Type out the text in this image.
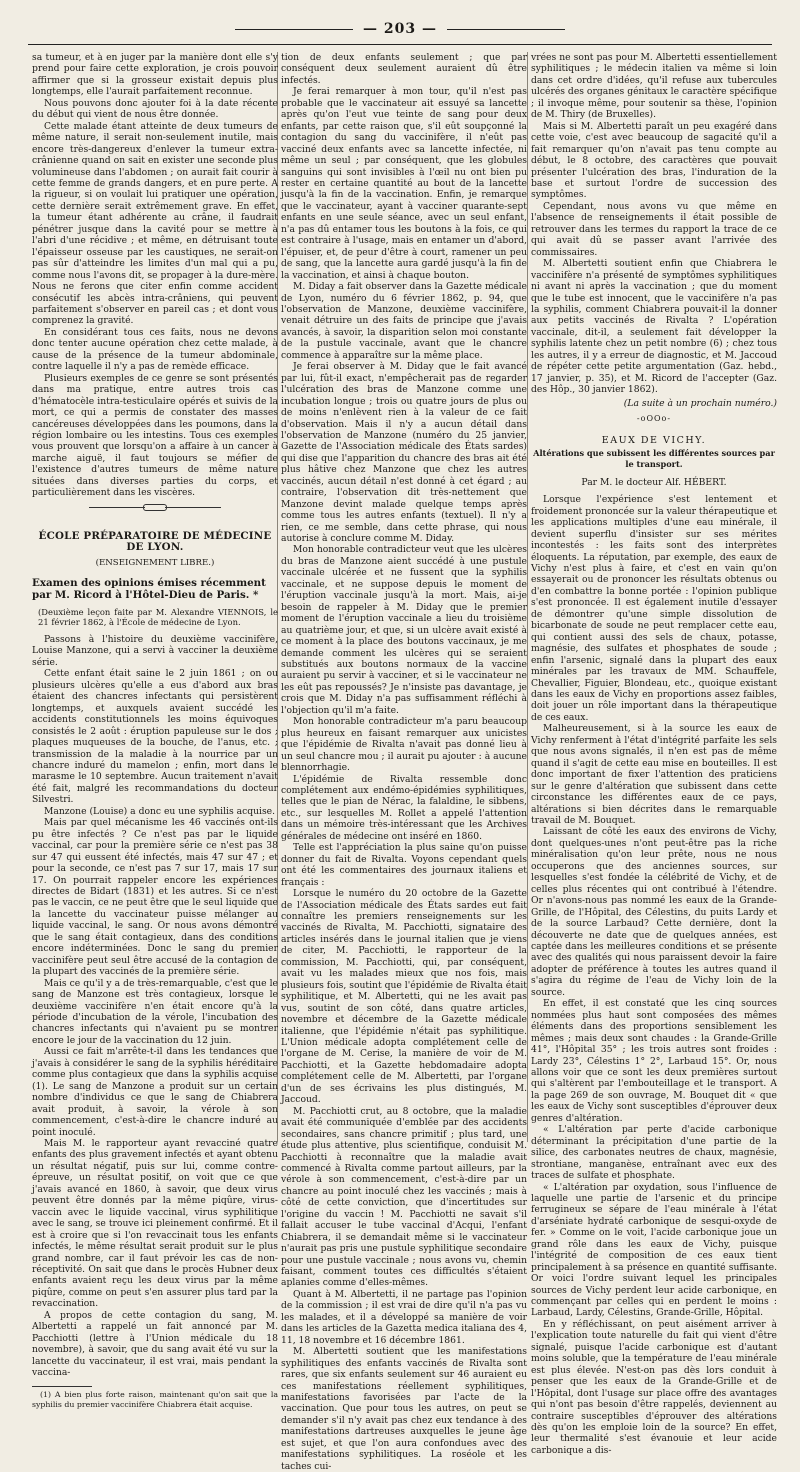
— 203 —

sa tumeur, et à en juger par la manière dont elle s'y prend pour faire cette exploration, je crois pouvoir affirmer que si la grosseur existait depuis plus longtemps, elle l'aurait parfaitement reconnue.

Nous pouvons donc ajouter foi à la date récente du début qui vient de nous être donnée.

Cette malade étant atteinte de deux tumeurs de même nature, il serait non-seulement inutile, mais encore très-dangereux d'enlever la tumeur extra-crânienne quand on sait en exister une seconde plus volumineuse dans l'abdomen ; on aurait fait courir à cette femme de grands dangers, et en pure perte. A la rigueur, si on voulait lui pratiquer une opération, cette dernière serait extrêmement grave. En effet, la tumeur étant adhérente au crâne, il faudrait pénétrer jusque dans la cavité pour se mettre à l'abri d'une récidive ; et même, en détruisant toute l'épaisseur osseuse par les caustiques, ne serait-on pas sûr d'atteindre les limites d'un mal qui a pu, comme nous l'avons dit, se propager à la dure-mère. Nous ne ferons que citer enfin comme accident consécutif les abcès intra-crâniens, qui peuvent parfaitement s'observer en pareil cas ; et dont vous comprenez la gravité.

En considérant tous ces faits, nous ne devons donc tenter aucune opération chez cette malade, à cause de la présence de la tumeur abdominale, contre laquelle il n'y a pas de remède efficace.

Plusieurs exemples de ce genre se sont présentés dans ma pratique, entre autres trois cas d'hématocèle intra-testiculaire opérés et suivis de la mort, ce qui a permis de constater des masses cancéreuses développées dans les poumons, dans la région lombaire ou les intestins. Tous ces exemples vous prouvent que lorsqu'on a affaire à un cancer à marche aiguë, il faut toujours se méfier de l'existence d'autres tumeurs de même nature situées dans diverses parties du corps, et particulièrement dans les viscères.

ÉCOLE PRÉPARATOIRE DE MÉDECINE DE LYON.

(ENSEIGNEMENT LIBRE.)

Examen des opinions émises récemment par M. Ricord à l'Hôtel-Dieu de Paris. *

(Deuxième leçon faite par M. Alexandre VIENNOIS, le 21 février 1862, à l'École de médecine de Lyon.

Passons à l'histoire du deuxième vaccinifère, Louise Manzone, qui a servi à vacciner la deuxième série.

Cette enfant était saine le 2 juin 1861 ; on ou plusieurs ulcères qu'elle a eus d'abord aux bras étaient des chancres infectants qui persistèrent longtemps, et auxquels avaient succédé les accidents constitutionnels les moins équivoques consistés le 2 août : éruption papuleuse sur le dos ; plaques muqueuses de la bouche, de l'anus, etc. ; transmission de la maladie à la nourrice par un chancre induré du mamelon ; enfin, mort dans le marasme le 10 septembre. Aucun traitement n'avait été fait, malgré les recommandations du docteur Silvestri.

Manzone (Louise) a donc eu une syphilis acquise.

Mais par quel mécanisme les 46 vaccinés ont-ils pu être infectés ? Ce n'est pas par le liquide vaccinal, car pour la première série ce n'est pas 38 sur 47 qui eussent été infectés, mais 47 sur 47 ; et pour la seconde, ce n'est pas 7 sur 17, mais 17 sur 17. On pourrait rappeler encore les expériences directes de Bidart (1831) et les autres. Si ce n'est pas le vaccin, ce ne peut être que le seul liquide que la lancette du vaccinateur puisse mélanger au liquide vaccinal, le sang. Or nous avons démontré que le sang était contagieux, dans des conditions encore indéterminées. Donc le sang du premier vaccinifère peut seul être accusé de la contagion de la plupart des vaccinés de la première série.

Mais ce qu'il y a de très-remarquable, c'est que le sang de Manzone est très contagieux, lorsque le deuxième vaccinifère n'en était encore qu'à la période d'incubation de la vérole, l'incubation des chancres infectants qui n'avaient pu se montrer encore le jour de la vaccination du 12 juin.

Aussi ce fait m'arrête-t-il dans les tendances que j'avais à considérer le sang de la syphilis héréditaire comme plus contagieux que dans la syphilis acquise (1). Le sang de Manzone a produit sur un certain nombre d'individus ce que le sang de Chiabrera avait produit, à savoir, la vérole à son commencement, c'est-à-dire le chancre induré au point inoculé.

Mais M. le rapporteur ayant revacciné quatre enfants des plus gravement infectés et ayant obtenu un résultat négatif, puis sur lui, comme contre-épreuve, un résultat positif, on voit que ce que j'avais avancé en 1860, à savoir, que deux virus peuvent être donnés par la même piqûre, virus-vaccin avec le liquide vaccinal, virus syphilitique avec le sang, se trouve ici pleinement confirmé. Et il est à croire que si l'on revaccinait tous les enfants infectés, le même résultat serait produit sur le plus grand nombre, car il faut prévoir les cas de non-réceptivité. On sait que dans le procès Hubner deux enfants avaient reçu les deux virus par la même piqûre, comme on peut s'en assurer plus tard par la revaccination.

A propos de cette contagion du sang, M. Albertetti a rappelé un fait annoncé par M. Pacchiotti (lettre à l'Union médicale du 18 novembre), à savoir, que du sang avait été vu sur la lancette du vaccinateur, il est vrai, mais pendant la vaccina-

(1) A bien plus forte raison, maintenant qu'on sait que la syphilis du premier vaccinifère Chiabrera était acquise.

tion de deux enfants seulement ; que par conséquent deux seulement auraient dû être infectés.

Je ferai remarquer à mon tour, qu'il n'est pas probable que le vaccinateur ait essuyé sa lancette après qu'on l'eut vue teinte de sang pour deux enfants, par cette raison que, s'il eût soupçonné la contagion du sang du vaccinifère, il n'eût pas vacciné deux enfants avec sa lancette infectée, ni même un seul ; par conséquent, que les globules sanguins qui sont invisibles à l'œil nu ont bien pu rester en certaine quantité au bout de la lancette jusqu'à la fin de la vaccination. Enfin, je remarque que le vaccinateur, ayant à vacciner quarante-sept enfants en une seule séance, avec un seul enfant, n'a pas dû entamer tous les boutons à la fois, ce qui est contraire à l'usage, mais en entamer un d'abord, l'épuiser, et, de peur d'être à court, ramener un peu de sang, que la lancette aura gardé jusqu'à la fin de la vaccination, et ainsi à chaque bouton.

M. Diday a fait observer dans la Gazette médicale de Lyon, numéro du 6 février 1862, p. 94, que l'observation de Manzone, deuxième vaccinifère, venait détruire un des faits de principe que j'avais avancés, à savoir, la disparition selon moi constante de la pustule vaccinale, avant que le chancre commence à apparaître sur la même place.

Je ferai observer à M. Diday que le fait avancé par lui, fût-il exact, n'empêcherait pas de regarder l'ulcération des bras de Manzone comme une incubation longue ; trois ou quatre jours de plus ou de moins n'enlèvent rien à la valeur de ce fait d'observation. Mais il n'y a aucun détail dans l'observation de Manzone (numéro du 25 janvier, Gazette de l'Association médicale des États sardes) qui dise que l'apparition du chancre des bras ait été plus hâtive chez Manzone que chez les autres vaccinés, aucun détail n'est donné à cet égard ; au contraire, l'observation dit très-nettement que Manzone devint malade quelque temps après comme tous les autres enfants (textuel). Il n'y a rien, ce me semble, dans cette phrase, qui nous autorise à conclure comme M. Diday.

Mon honorable contradicteur veut que les ulcères du bras de Manzone aient succédé à une pustule vaccinale ulcérée et ne fussent que la syphilis vaccinale, et ne suppose depuis le moment de l'éruption vaccinale jusqu'à la mort. Mais, ai-je besoin de rappeler à M. Diday que le premier moment de l'éruption vaccinale a lieu du troisième au quatrième jour, et que, si un ulcère avait existé à ce moment à la place des boutons vaccinaux, je me demande comment les ulcères qui se seraient substitués aux boutons normaux de la vaccine auraient pu servir à vacciner, et si le vaccinateur ne les eût pas repoussés? Je n'insiste pas davantage, je crois que M. Diday n'a pas suffisamment réfléchi à l'objection qu'il m'a faite.

Mon honorable contradicteur m'a paru beaucoup plus heureux en faisant remarquer aux unicistes que l'épidémie de Rivalta n'avait pas donné lieu à un seul chancre mou ; il aurait pu ajouter : à aucune blennorrhagie.

L'épidémie de Rivalta ressemble donc complétement aux endémo-épidémies syphilitiques, telles que le pian de Nérac, la falaldine, le sibbens, etc., sur lesquelles M. Rollet a appelé l'attention dans un mémoire très-intéressant que les Archives générales de médecine ont inséré en 1860.

Telle est l'appréciation la plus saine qu'on puisse donner du fait de Rivalta. Voyons cependant quels ont été les commentaires des journaux italiens et français :

Lorsque le numéro du 20 octobre de la Gazette de l'Association médicale des États sardes eut fait connaître les premiers renseignements sur les vaccinés de Rivalta, M. Pacchiotti, signataire des articles insérés dans le journal italien que je viens de citer, M. Pacchiotti, le rapporteur de la commission, M. Pacchiotti, qui, par conséquent, avait vu les malades mieux que nos fois, mais plusieurs fois, soutint que l'épidémie de Rivalta était syphilitique, et M. Albertetti, qui ne les avait pas vus, soutint de son côté, dans quatre articles, novembre et décembre de la Gazette médicale italienne, que l'épidémie n'était pas syphilitique. L'Union médicale adopta complétement celle de l'organe de M. Cerise, la manière de voir de M. Pacchiotti, et la Gazette hebdomadaire adopta complétement celle de M. Albertetti, par l'organe d'un de ses écrivains les plus distingués, M. Jaccoud.

M. Pacchiotti crut, au 8 octobre, que la maladie avait été communiquée d'emblée par des accidents secondaires, sans chancre primitif ; plus tard, une étude plus attentive, plus scientifique, conduisit M. Pacchiotti à reconnaître que la maladie avait commencé à Rivalta comme partout ailleurs, par la vérole à son commencement, c'est-à-dire par un chancre au point inoculé chez les vaccinés ; mais à côté de cette conviction, que d'incertitudes sur l'origine du vaccin ! M. Pacchiotti ne savait s'il fallait accuser le tube vaccinal d'Acqui, l'enfant Chiabrera, il se demandait même si le vaccinateur n'aurait pas pris une pustule syphilitique secondaire pour une pustule vaccinale ; nous avons vu, chemin faisant, comment toutes ces difficultés s'étaient aplanies comme d'elles-mêmes.

Quant à M. Albertetti, il ne partage pas l'opinion de la commission ; il est vrai de dire qu'il n'a pas vu les malades, et il a développé sa manière de voir dans les articles de la Gazetta medica italiana des 4, 11, 18 novembre et 16 décembre 1861.

M. Albertetti soutient que les manifestations syphilitiques des enfants vaccinés de Rivalta sont rares, que six enfants seulement sur 46 auraient eu ces manifestations réellement syphilitiques, manifestations favorisées par l'acte de la vaccination. Que pour tous les autres, on peut se demander s'il n'y avait pas chez eux tendance à des manifestations dartreuses auxquelles le jeune âge est sujet, et que l'on aura confondues avec des manifestations syphilitiques. La roséole et les taches cui-

vrées ne sont pas pour M. Albertetti essentiellement syphilitiques ; le médecin italien va même si loin dans cet ordre d'idées, qu'il refuse aux tubercules ulcérés des organes génitaux le caractère spécifique ; il invoque même, pour soutenir sa thèse, l'opinion de M. Thiry (de Bruxelles).

Mais si M. Albertetti paraît un peu exagéré dans cette voie, c'est avec beaucoup de sagacité qu'il a fait remarquer qu'on n'avait pas tenu compte au début, le 8 octobre, des caractères que pouvait présenter l'ulcération des bras, l'induration de la base et surtout l'ordre de succession des symptômes.

Cependant, nous avons vu que même en l'absence de renseignements il était possible de retrouver dans les termes du rapport la trace de ce qui avait dû se passer avant l'arrivée des commissaires.

M. Albertetti soutient enfin que Chiabrera le vaccinifère n'a présenté de symptômes syphilitiques ni avant ni après la vaccination ; que du moment que le tube est innocent, que le vaccinifère n'a pas la syphilis, comment Chiabrera pouvait-il la donner aux petits vaccinés de Rivalta ? L'opération vaccinale, dit-il, a seulement fait développer la syphilis latente chez un petit nombre (6) ; chez tous les autres, il y a erreur de diagnostic, et M. Jaccoud de répéter cette petite argumentation (Gaz. hebd., 17 janvier, p. 35), et M. Ricord de l'accepter (Gaz. des Hôp., 30 janvier 1862).

(La suite à un prochain numéro.)

-oOOo-

EAUX DE VICHY.

Altérations que subissent les différentes sources par le transport.

Par M. le docteur Alf. HÉBERT.

Lorsque l'expérience s'est lentement et froidement prononcée sur la valeur thérapeutique et les applications multiples d'une eau minérale, il devient superflu d'insister sur ses mérites incontestés : les faits sont des interprètes éloquents. La réputation, par exemple, des eaux de Vichy n'est plus à faire, et c'est en vain qu'on essayerait ou de prononcer les résultats obtenus ou d'en combattre la bonne portée : l'opinion publique s'est prononcée. Il est également inutile d'essayer de démontrer qu'une simple dissolution de bicarbonate de soude ne peut remplacer cette eau, qui contient aussi des sels de chaux, potasse, magnésie, des sulfates et phosphates de soude ; enfin l'arsenic, signalé dans la plupart des eaux minérales par les travaux de MM. Schauffele, Chevallier, Figuier, Blondeau, etc., quoique existant dans les eaux de Vichy en proportions assez faibles, doit jouer un rôle important dans la thérapeutique de ces eaux.

Malheureusement, si à la source les eaux de Vichy renferment à l'état d'intégrité parfaite les sels que nous avons signalés, il n'en est pas de même quand il s'agit de cette eau mise en bouteilles. Il est donc important de fixer l'attention des praticiens sur le genre d'altération que subissent dans cette circonstance les différentes eaux de ce pays, altérations si bien décrites dans le remarquable travail de M. Bouquet.

Laissant de côté les eaux des environs de Vichy, dont quelques-unes n'ont peut-être pas la riche minéralisation qu'on leur prête, nous ne nous occuperons que des anciennes sources, sur lesquelles s'est fondée la célébrité de Vichy, et de celles plus récentes qui ont contribué à l'étendre. Or n'avons-nous pas nommé les eaux de la Grande-Grille, de l'Hôpital, des Célestins, du puits Lardy et de la source Larbaud? Cette dernière, dont la découverte ne date que de quelques années, est captée dans les meilleures conditions et se présente avec des qualités qui nous paraissent devoir la faire adopter de préférence à toutes les autres quand il s'agira du régime de l'eau de Vichy loin de la source.

En effet, il est constaté que les cinq sources nommées plus haut sont composées des mêmes éléments dans des proportions sensiblement les mêmes ; mais deux sont chaudes : la Grande-Grille 41°, l'Hôpital 35° ; les trois autres sont froides : Lardy 23°, Célestins 1° 2°, Larbaud 15°. Or, nous allons voir que ce sont les deux premières surtout qui s'altèrent par l'embouteillage et le transport. A la page 269 de son ouvrage, M. Bouquet dit « que les eaux de Vichy sont susceptibles d'éprouver deux genres d'altération.

« L'altération par perte d'acide carbonique déterminant la précipitation d'une partie de la silice, des carbonates neutres de chaux, magnésie, strontiane, manganèse, entraînant avec eux des traces de sulfate et phosphate.

« L'altération par oxydation, sous l'influence de laquelle une partie de l'arsenic et du principe ferrugineux se sépare de l'eau minérale à l'état d'arséniate hydraté carbonique de sesqui-oxyde de fer. » Comme on le voit, l'acide carbonique joue un grand rôle dans les eaux de Vichy, puisque l'intégrité de composition de ces eaux tient principalement à sa présence en quantité suffisante. Or voici l'ordre suivant lequel les principales sources de Vichy perdent leur acide carbonique, en commençant par celles qui en perdent le moins : Larbaud, Lardy, Célestins, Grande-Grille, Hôpital.

En y réfléchissant, on peut aisément arriver à l'explication toute naturelle du fait qui vient d'être signalé, puisque l'acide carbonique est d'autant moins soluble, que la température de l'eau minérale est plus élevée. N'est-on pas dès lors conduit à penser que les eaux de la Grande-Grille et de l'Hôpital, dont l'usage sur place offre des avantages qui n'ont pas besoin d'être rappelés, deviennent au contraire susceptibles d'éprouver des altérations dès qu'on les emploie loin de la source? En effet, leur thermalité s'est évanouie et leur acide carbonique a dis-
